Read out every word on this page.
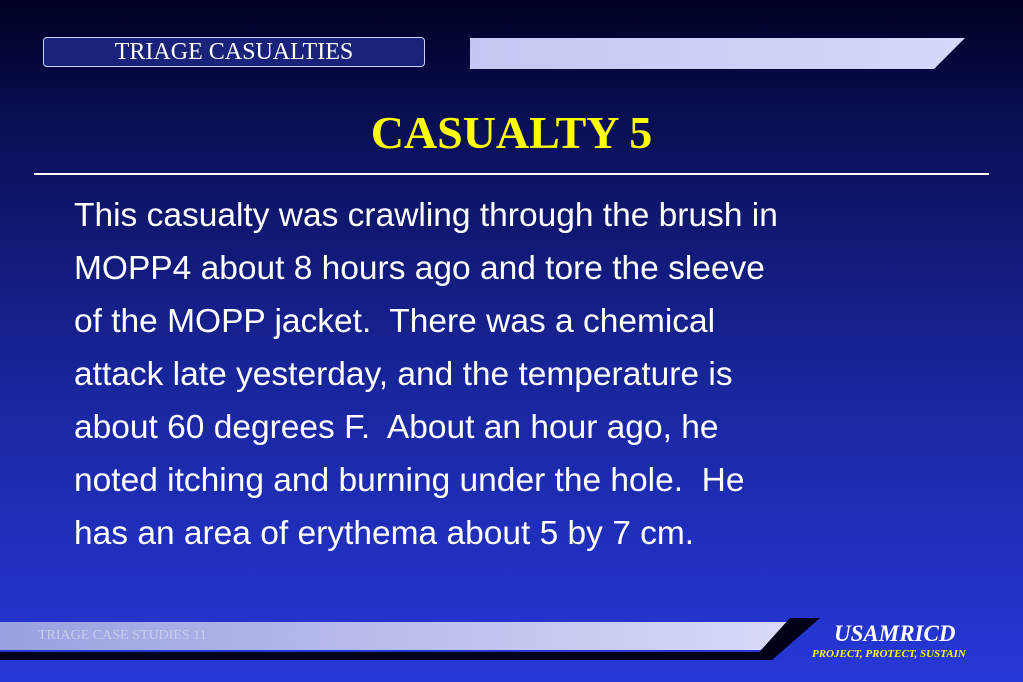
TRIAGE CASUALTIES
CASUALTY 5
This casualty was crawling through the brush in
MOPP4 about 8 hours ago and tore the sleeve
of the MOPP jacket.  There was a chemical
attack late yesterday, and the temperature is
about 60 degrees F.  About an hour ago, he
noted itching and burning under the hole.  He
has an area of erythema about 5 by 7 cm.
TRIAGE CASE STUDIES 11	USAMRICD
PROJECT, PROTECT, SUSTAIN
